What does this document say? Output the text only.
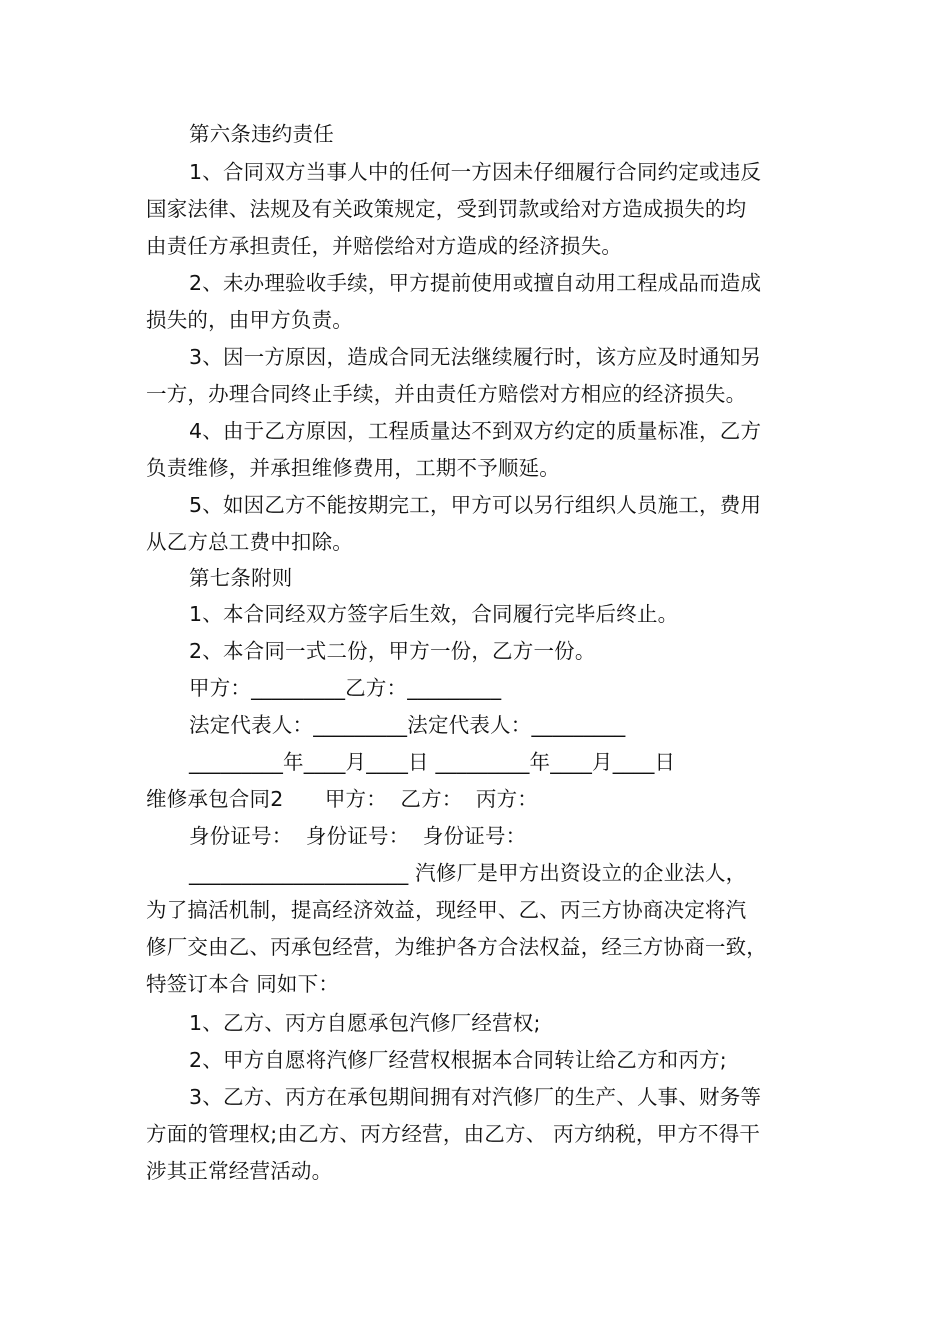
第六条违约责任
1、合同双方当事人中的任何一方因未仔细履行合同约定或违反
国家法律、法规及有关政策规定，受到罚款或给对方造成损失的均
由责任方承担责任，并赔偿给对方造成的经济损失。
2、未办理验收手续，甲方提前使用或擅自动用工程成品而造成
损失的，由甲方负责。
3、因一方原因，造成合同无法继续履行时，该方应及时通知另
一方，办理合同终止手续，并由责任方赔偿对方相应的经济损失。
4、由于乙方原因，工程质量达不到双方约定的质量标准，乙方
负责维修，并承担维修费用，工期不予顺延。
5、如因乙方不能按期完工，甲方可以另行组织人员施工，费用
从乙方总工费中扣除。
第七条附则
1、本合同经双方签字后生效，合同履行完毕后终止。
2、本合同一式二份，甲方一份，乙方一份。
甲方：_________乙方：_________
法定代表人：_________法定代表人：_________
_________年____月____日 _________年____月____日
维修承包合同2　　甲方：  乙方：  丙方：
身份证号：  身份证号：  身份证号：
_____________________ 汽修厂是甲方出资设立的企业法人，
为了搞活机制，提高经济效益，现经甲、乙、丙三方协商决定将汽
修厂交由乙、丙承包经营，为维护各方合法权益，经三方协商一致，
特签订本合 同如下：
1、乙方、丙方自愿承包汽修厂经营权;
2、甲方自愿将汽修厂经营权根据本合同转让给乙方和丙方;
3、乙方、丙方在承包期间拥有对汽修厂的生产、人事、财务等
方面的管理权;由乙方、丙方经营，由乙方、 丙方纳税，甲方不得干
涉其正常经营活动。
